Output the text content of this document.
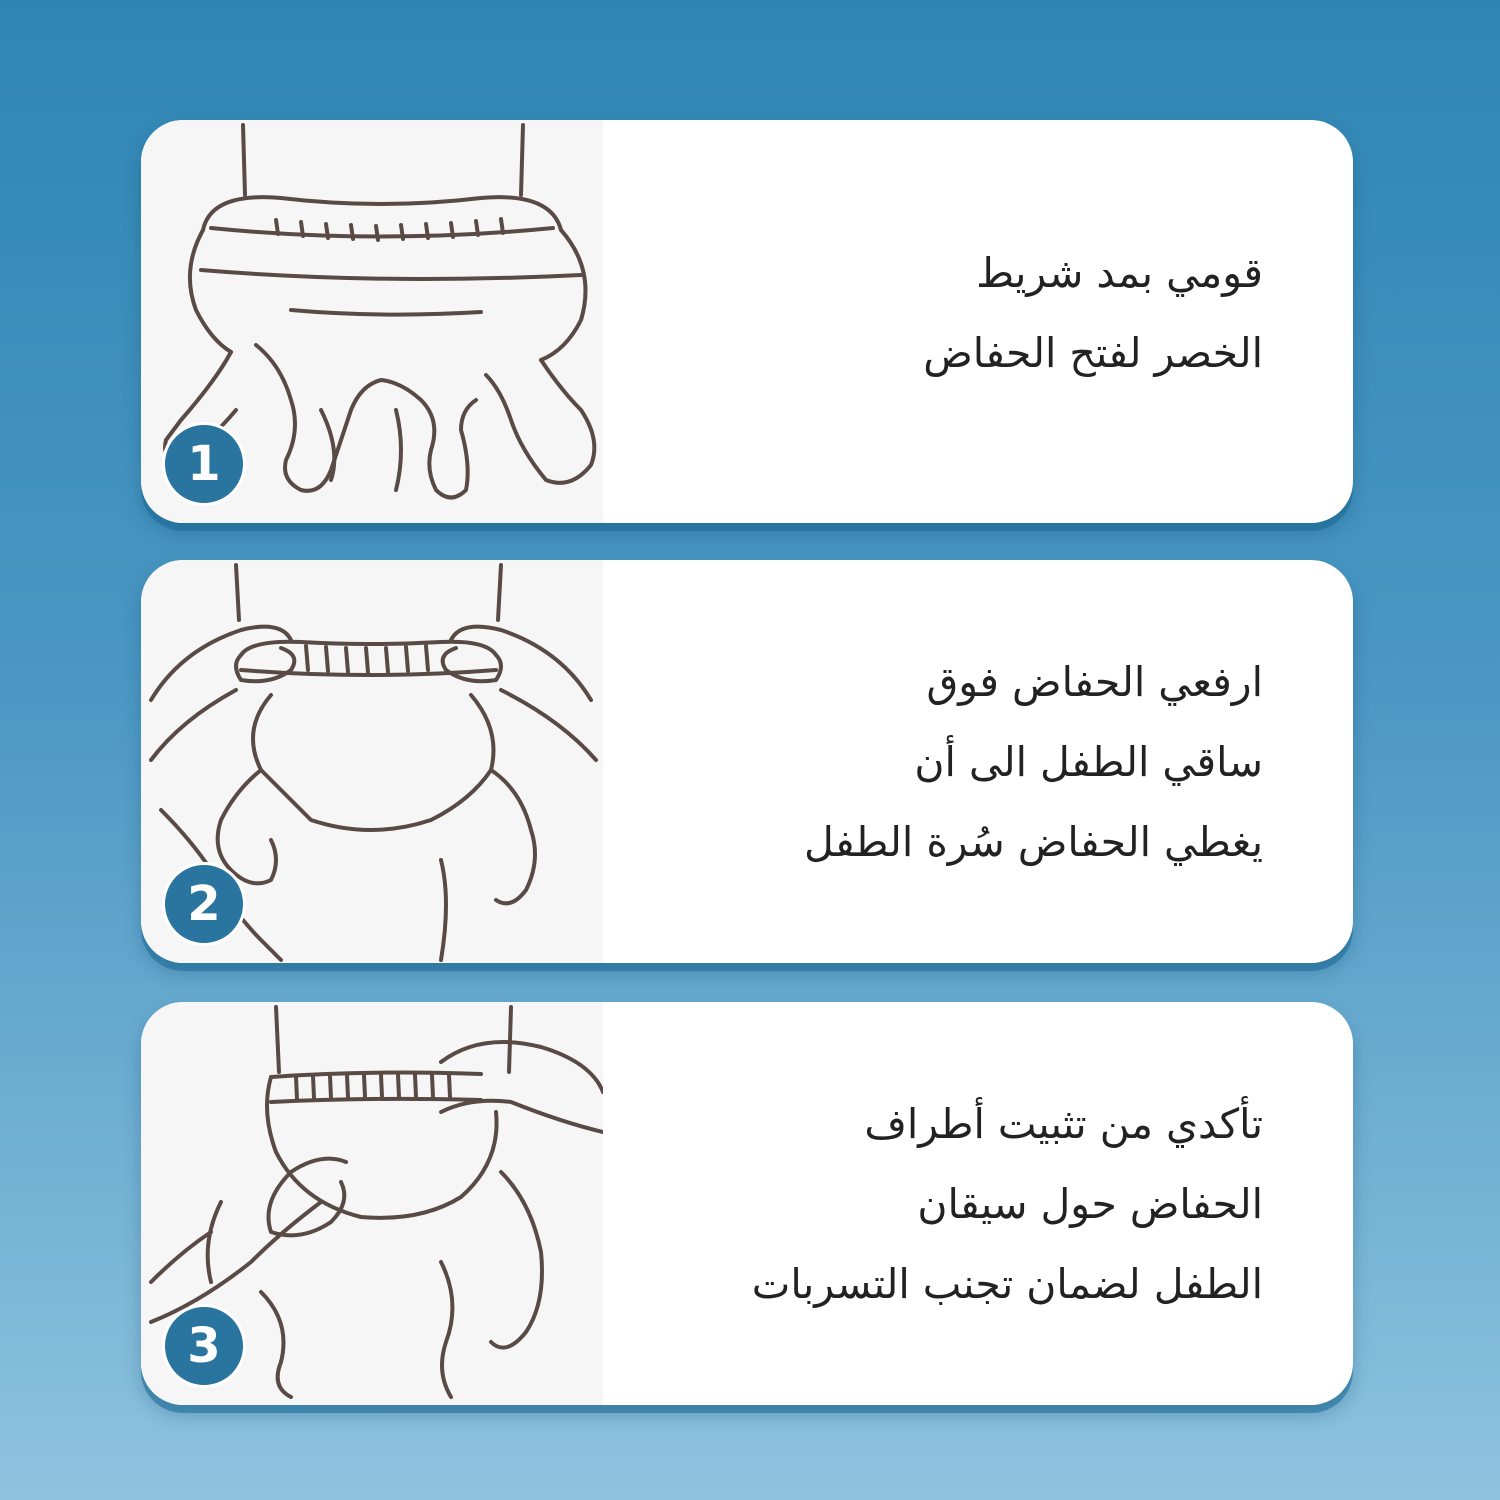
1
قومي بمد شريط
الخصر لفتح الحفاض
2
ارفعي الحفاض فوق
ساقي الطفل الى أن
يغطي الحفاض سُرة الطفل
3
تأكدي من تثبيت أطراف
الحفاض حول سيقان
الطفل لضمان تجنب التسربات
